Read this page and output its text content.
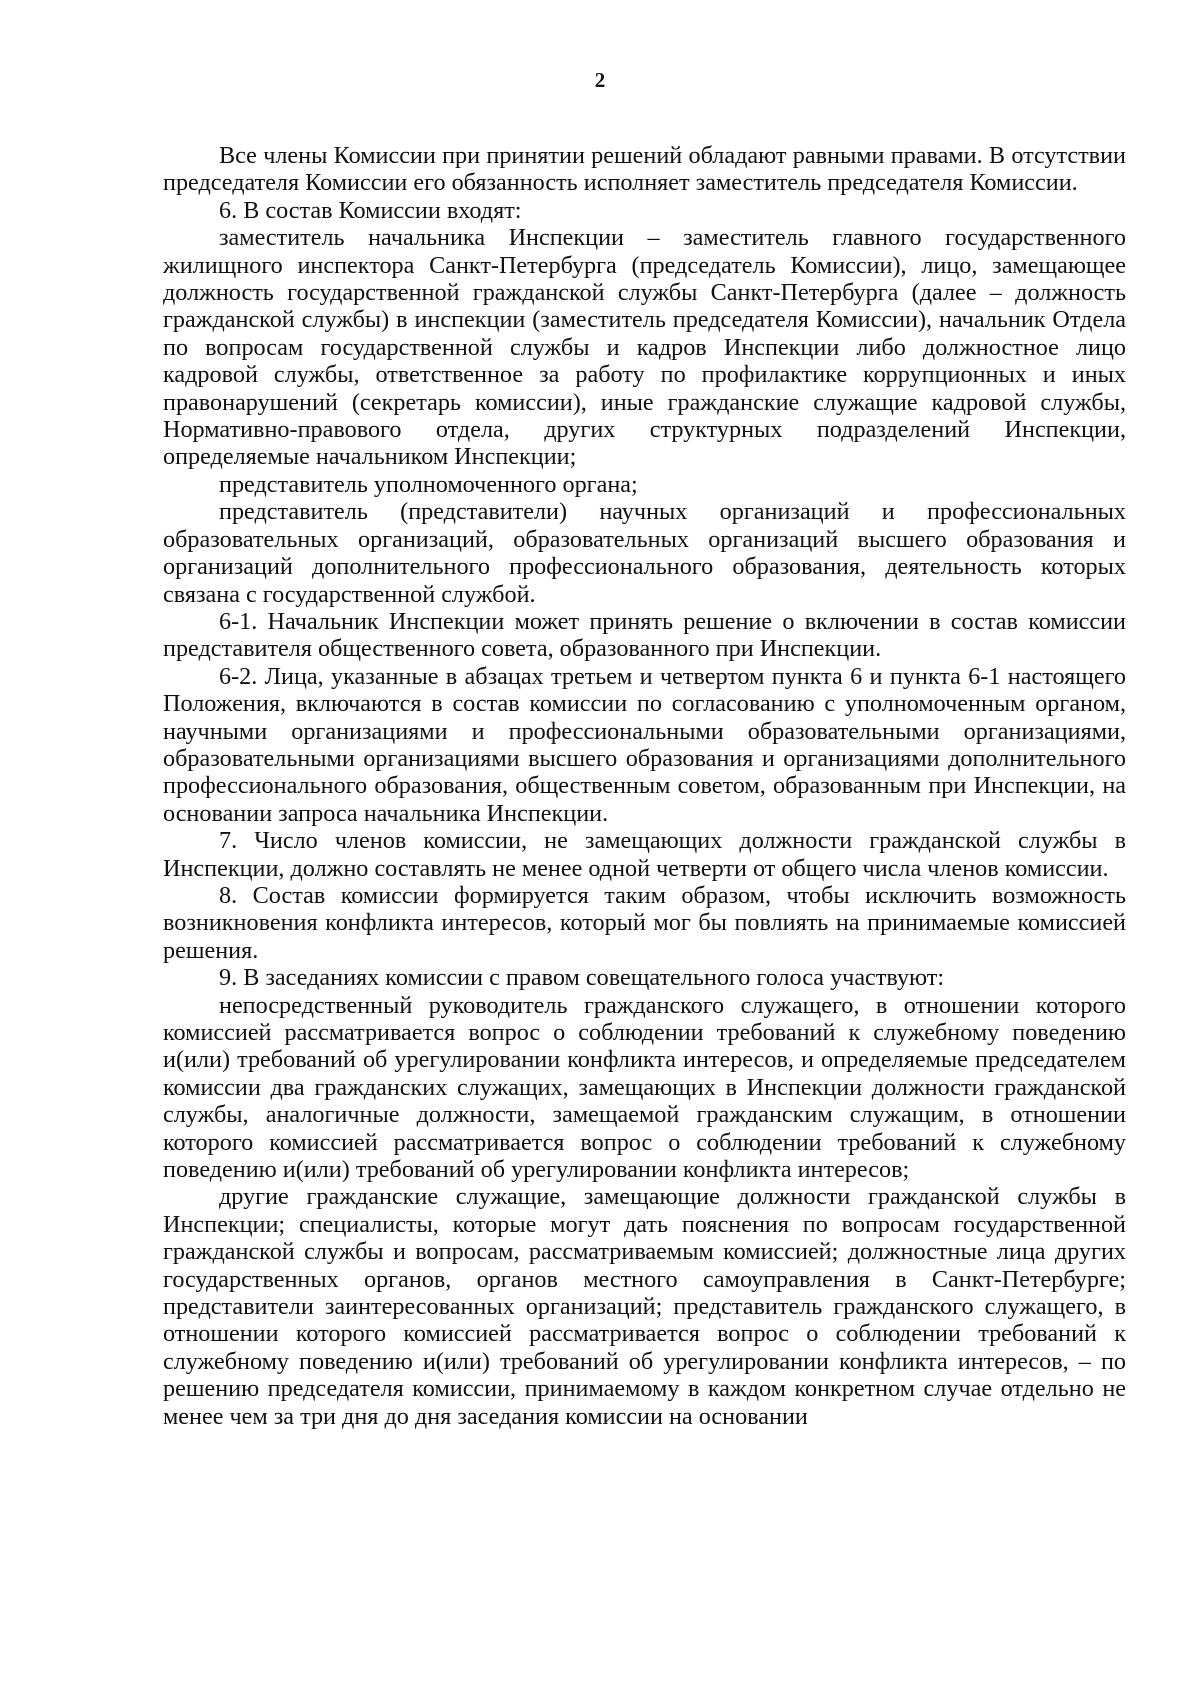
2

Все члены Комиссии при принятии решений обладают равными правами. В отсутствии председателя Комиссии его обязанность исполняет заместитель председателя Комиссии.

6. В состав Комиссии входят:

заместитель начальника Инспекции – заместитель главного государственного жилищного инспектора Санкт-Петербурга (председатель Комиссии), лицо, замещающее должность государственной гражданской службы Санкт-Петербурга (далее – должность гражданской службы) в инспекции (заместитель председателя Комиссии), начальник Отдела по вопросам государственной службы и кадров Инспекции либо должностное лицо кадровой службы, ответственное за работу по профилактике коррупционных и иных правонарушений (секретарь комиссии), иные гражданские служащие кадровой службы, Нормативно-правового отдела, других структурных подразделений Инспекции, определяемые начальником Инспекции;

представитель уполномоченного органа;

представитель (представители) научных организаций и профессиональных образовательных организаций, образовательных организаций высшего образования и организаций дополнительного профессионального образования, деятельность которых связана с государственной службой.

6-1. Начальник Инспекции может принять решение о включении в состав комиссии представителя общественного совета, образованного при Инспекции.

6-2. Лица, указанные в абзацах третьем и четвертом пункта 6 и пункта 6-1 настоящего Положения, включаются в состав комиссии по согласованию с уполномоченным органом, научными организациями и профессиональными образовательными организациями, образовательными организациями высшего образования и организациями дополнительного профессионального образования, общественным советом, образованным при Инспекции, на основании запроса начальника Инспекции.

7. Число членов комиссии, не замещающих должности гражданской службы в Инспекции, должно составлять не менее одной четверти от общего числа членов комиссии.

8. Состав комиссии формируется таким образом, чтобы исключить возможность возникновения конфликта интересов, который мог бы повлиять на принимаемые комиссией решения.

9. В заседаниях комиссии с правом совещательного голоса участвуют:

непосредственный руководитель гражданского служащего, в отношении которого комиссией рассматривается вопрос о соблюдении требований к служебному поведению и(или) требований об урегулировании конфликта интересов, и определяемые председателем комиссии два гражданских служащих, замещающих в Инспекции должности гражданской службы, аналогичные должности, замещаемой гражданским служащим, в отношении которого комиссией рассматривается вопрос о соблюдении требований к служебному поведению и(или) требований об урегулировании конфликта интересов;

другие гражданские служащие, замещающие должности гражданской службы в Инспекции; специалисты, которые могут дать пояснения по вопросам государственной гражданской службы и вопросам, рассматриваемым комиссией; должностные лица других государственных органов, органов местного самоуправления в Санкт-Петербурге; представители заинтересованных организаций; представитель гражданского служащего, в отношении которого комиссией рассматривается вопрос о соблюдении требований к служебному поведению и(или) требований об урегулировании конфликта интересов, – по решению председателя комиссии, принимаемому в каждом конкретном случае отдельно не менее чем за три дня до дня заседания комиссии на основании
